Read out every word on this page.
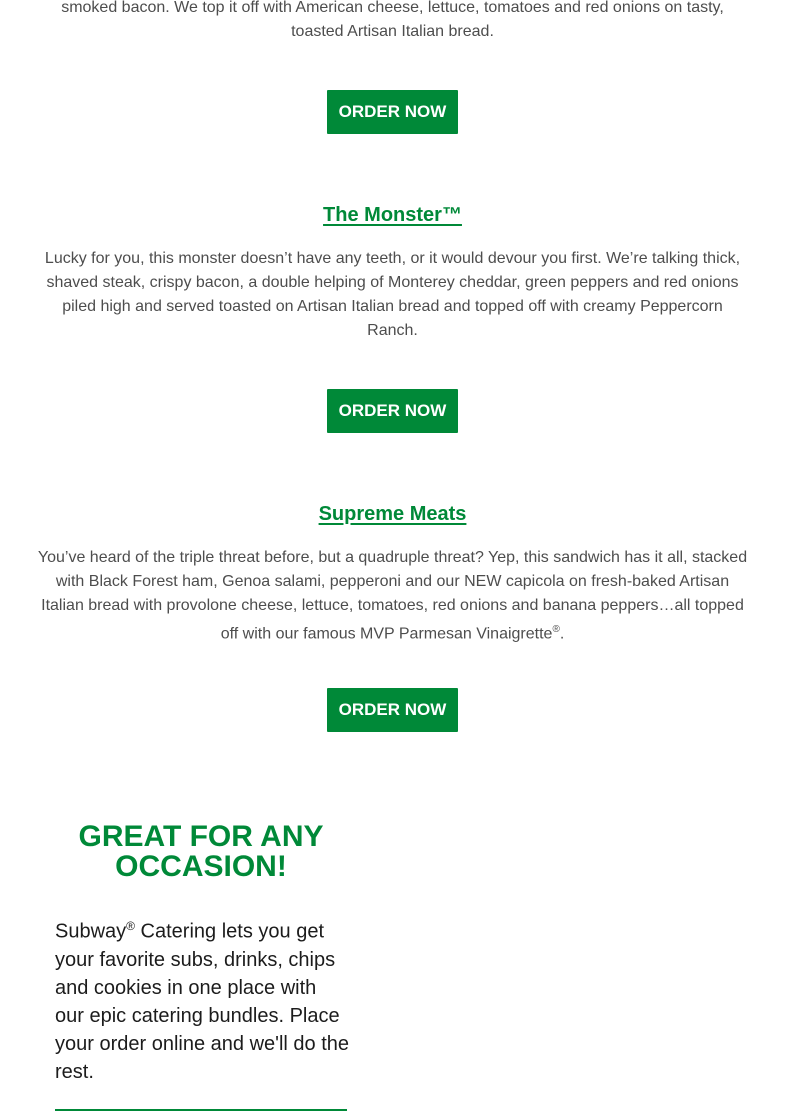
smoked bacon. We top it off with American cheese, lettuce, tomatoes and red onions on tasty,
toasted Artisan Italian bread.

ORDER NOW
The Monster™

Lucky for you, this monster doesn’t have any teeth, or it would devour you first. We’re talking thick,
shaved steak, crispy bacon, a double helping of Monterey cheddar, green peppers and red onions
piled high and served toasted on Artisan Italian bread and topped off with creamy Peppercorn
Ranch.

ORDER NOW
Supreme Meats

You’ve heard of the triple threat before, but a quadruple threat? Yep, this sandwich has it all, stacked
with Black Forest ham, Genoa salami, pepperoni and our NEW capicola on fresh-baked Artisan
Italian bread with provolone cheese, lettuce, tomatoes, red onions and banana peppers…all topped
off with our famous MVP Parmesan Vinaigrette®.

ORDER NOW
GREAT FOR ANY
OCCASION!
Subway® Catering lets you get your favorite subs, drinks, chips and cookies in one place with our epic catering bundles. Place your order online and we'll do the rest.
